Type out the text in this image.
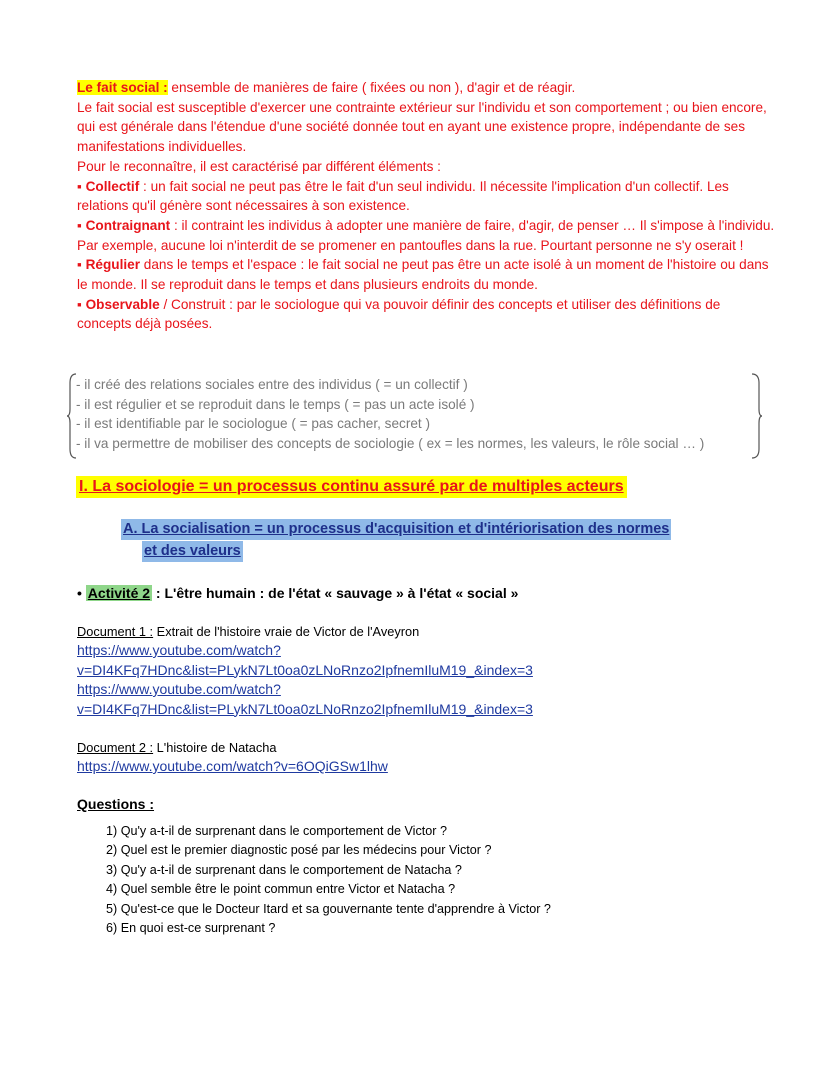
Le fait social : ensemble de manières de faire ( fixées ou non ), d'agir et de réagir.

Le fait social est susceptible d'exercer une contrainte extérieur sur l'individu et son comportement ; ou bien encore, qui est générale dans l'étendue d'une société donnée tout en ayant une existence propre, indépendante de ses manifestations individuelles.

Pour le reconnaître, il est caractérisé par différent éléments :

▪ Collectif : un fait social ne peut pas être le fait d'un seul individu. Il nécessite l'implication d'un collectif. Les relations qu'il génère sont nécessaires à son existence.

▪ Contraignant : il contraint les individus à adopter une manière de faire, d'agir, de penser … Il s'impose à l'individu. Par exemple, aucune loi n'interdit de se promener en pantoufles dans la rue. Pourtant personne ne s'y oserait !

▪ Régulier dans le temps et l'espace : le fait social ne peut pas être un acte isolé à un moment de l'histoire ou dans le monde. Il se reproduit dans le temps et dans plusieurs endroits du monde.

▪ Observable / Construit : par le sociologue qui va pouvoir définir des concepts et utiliser des définitions de concepts déjà posées.

- il créé des relations sociales entre des individus ( = un collectif )
- il est régulier et se reproduit dans le temps ( = pas un acte isolé )
- il est identifiable par le sociologue ( = pas cacher, secret )
- il va permettre de mobiliser des concepts de sociologie ( ex = les normes, les valeurs, le rôle social … )
I. La sociologie = un processus continu assuré par de multiples acteurs
A. La socialisation = un processus d'acquisition et d'intériorisation des normes
et des valeurs
• Activité 2 : L'être humain : de l'état « sauvage » à l'état « social »
Document 1 : Extrait de l'histoire vraie de Victor de l'Aveyron
https://www.youtube.com/watch?
v=DI4KFq7HDnc&list=PLykN7Lt0oa0zLNoRnzo2IpfnemIluM19_&index=3
https://www.youtube.com/watch?
v=DI4KFq7HDnc&list=PLykN7Lt0oa0zLNoRnzo2IpfnemIluM19_&index=3
Document 2 : L'histoire de Natacha
https://www.youtube.com/watch?v=6OQiGSw1lhw
Questions :
1) Qu'y a-t-il de surprenant dans le comportement de Victor ?
2) Quel est le premier diagnostic posé par les médecins pour Victor ?
3) Qu'y a-t-il de surprenant dans le comportement de Natacha ?
4) Quel semble être le point commun entre Victor et Natacha ?
5) Qu'est-ce que le Docteur Itard et sa gouvernante tente d'apprendre à Victor ?
6) En quoi est-ce surprenant ?
